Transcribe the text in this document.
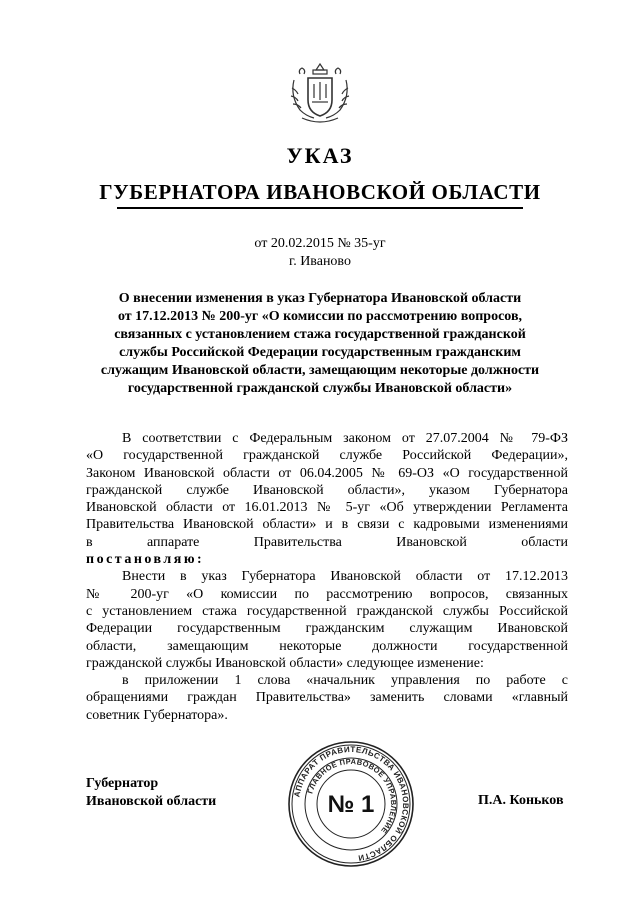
УКАЗ
ГУБЕРНАТОРА ИВАНОВСКОЙ ОБЛАСТИ
от 20.02.2015 № 35-уг
г. Иваново
О внесении изменения в указ Губернатора Ивановской области
от 17.12.2013 № 200-уг «О комиссии по рассмотрению вопросов,
связанных с установлением стажа государственной гражданской
службы Российской Федерации государственным гражданским
служащим Ивановской области, замещающим некоторые должности
государственной гражданской службы Ивановской области»
В соответствии с Федеральным законом от 27.07.2004 № 79-ФЗ
«О государственной гражданской службе Российской Федерации»,
Законом Ивановской области от 06.04.2005 № 69-ОЗ «О государственной
гражданской службе Ивановской области», указом Губернатора
Ивановской области от 16.01.2013 № 5-уг «Об утверждении Регламента
Правительства Ивановской области» и в связи с кадровыми изменениями
в аппарате Правительства Ивановской области
постановляю:
Внести в указ Губернатора Ивановской области от 17.12.2013
№ 200-уг «О комиссии по рассмотрению вопросов, связанных
с установлением стажа государственной гражданской службы Российской
Федерации государственным гражданским служащим Ивановской
области, замещающим некоторые должности государственной
гражданской службы Ивановской области» следующее изменение:
в приложении 1 слова «начальник управления по работе с
обращениями граждан Правительства» заменить словами «главный
советник Губернатора».
Губернатор
Ивановской области	П.А. Коньков
АППАРАТ ПРАВИТЕЛЬСТВА ИВАНОВСКОЙ ОБЛАСТИ
ГЛАВНОЕ ПРАВОВОЕ УПРАВЛЕНИЕ
№ 1
